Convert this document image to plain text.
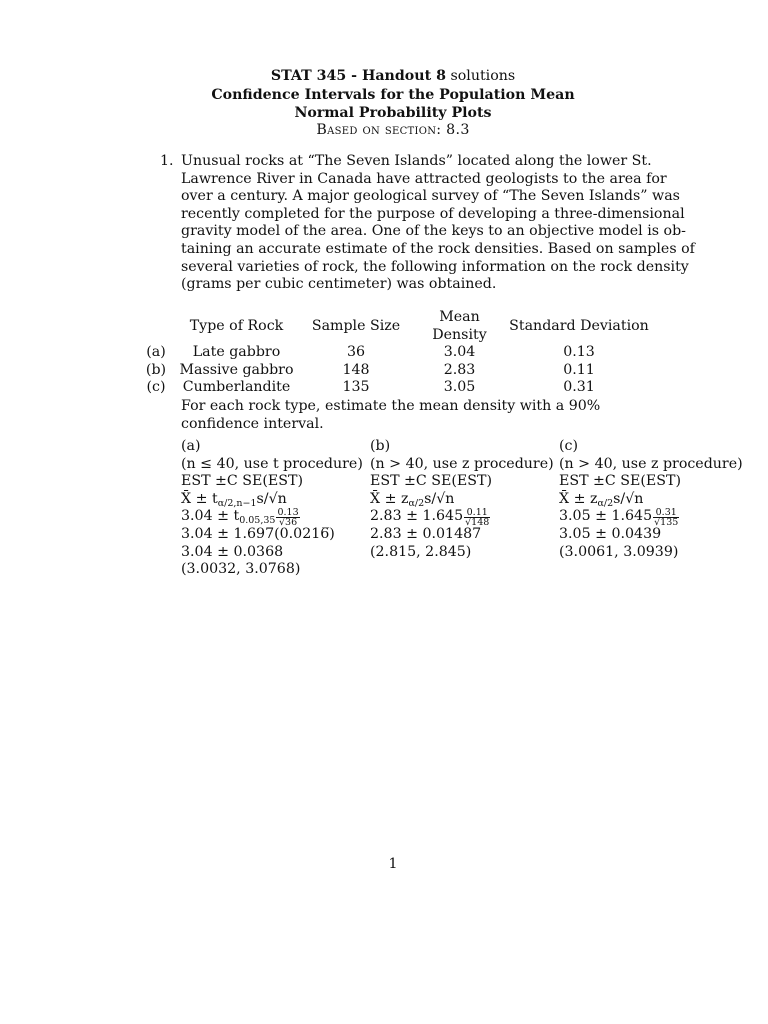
STAT 345 - Handout 8 solutions
Confidence Intervals for the Population Mean
Normal Probability Plots
Based on section: 8.3
1. Unusual rocks at “The Seven Islands” located along the lower St.
Lawrence River in Canada have attracted geologists to the area for
over a century. A major geological survey of “The Seven Islands” was
recently completed for the purpose of developing a three-dimensional
gravity model of the area. One of the keys to an objective model is ob-
taining an accurate estimate of the rock densities. Based on samples of
several varieties of rock, the following information on the rock density
(grams per cubic centimeter) was obtained.
	Type of Rock	Sample Size	Mean Density	Standard Deviation
(a)	Late gabbro	36	3.04	0.13
(b)	Massive gabbro	148	2.83	0.11
(c)	Cumberlandite	135	3.05	0.31
For each rock type, estimate the mean density with a 90% confidence interval.
(a)
(n ≤ 40, use t procedure)
EST ±C SE(EST)
X̄ ± $t_{\alpha/2,n-1}s/√n$
$3.04 \pm t_{0.05,35} \frac{0.13}{√36}$
3.04 ± 1.697(0.0216̅)
3.04 ± 0.0368
(3.0032, 3.0768)
(b)
(n > 40, use z procedure)
EST ±C SE(EST)
X̄ ± $z_{\alpha/2}s/√n$
$2.83 \pm 1.645 \frac{0.11}{√148}$
2.83 ± 0.01487
(2.815, 2.845)
(c)
(n > 40, use z procedure)
EST ±C SE(EST)
X̄ ± $z_{\alpha/2}s/√n$
$3.05 \pm 1.645 \frac{0.31}{√135}$
3.05 ± 0.0439
(3.0061, 3.0939)
1
